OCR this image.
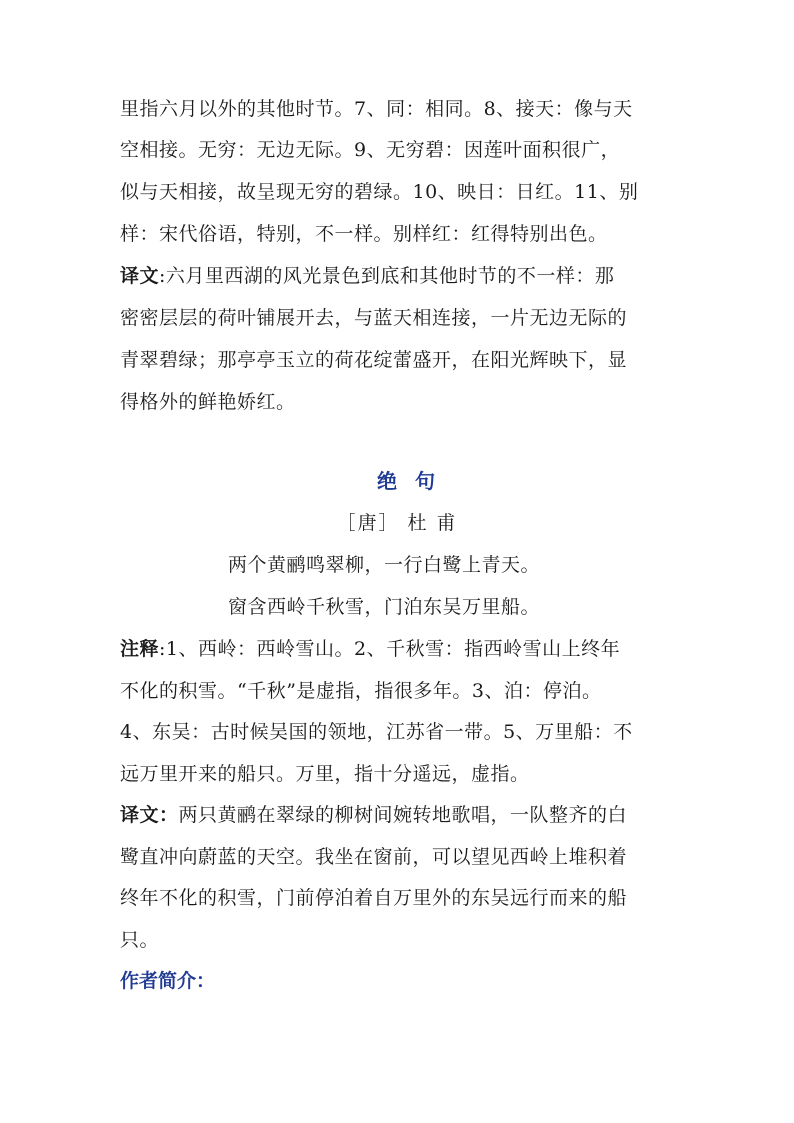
里指六月以外的其他时节。7、同：相同。8、接天：像与天
空相接。无穷：无边无际。9、无穷碧：因莲叶面积很广，
似与天相接，故呈现无穷的碧绿。10、映日：日红。11、别
样：宋代俗语，特别，不一样。别样红：红得特别出色。
译文:六月里西湖的风光景色到底和其他时节的不一样：那
密密层层的荷叶铺展开去，与蓝天相连接，一片无边无际的
青翠碧绿；那亭亭玉立的荷花绽蕾盛开，在阳光辉映下，显
得格外的鲜艳娇红。
绝句
［唐］ 杜 甫
两个黄鹂鸣翠柳，一行白鹭上青天。
窗含西岭千秋雪，门泊东吴万里船。
注释:1、西岭：西岭雪山。2、千秋雪：指西岭雪山上终年
不化的积雪。“千秋”是虚指，指很多年。3、泊：停泊。
4、东吴：古时候吴国的领地，江苏省一带。5、万里船：不
远万里开来的船只。万里，指十分遥远，虚指。
译文：两只黄鹂在翠绿的柳树间婉转地歌唱，一队整齐的白
鹭直冲向蔚蓝的天空。我坐在窗前，可以望见西岭上堆积着
终年不化的积雪，门前停泊着自万里外的东吴远行而来的船
只。
作者简介：
